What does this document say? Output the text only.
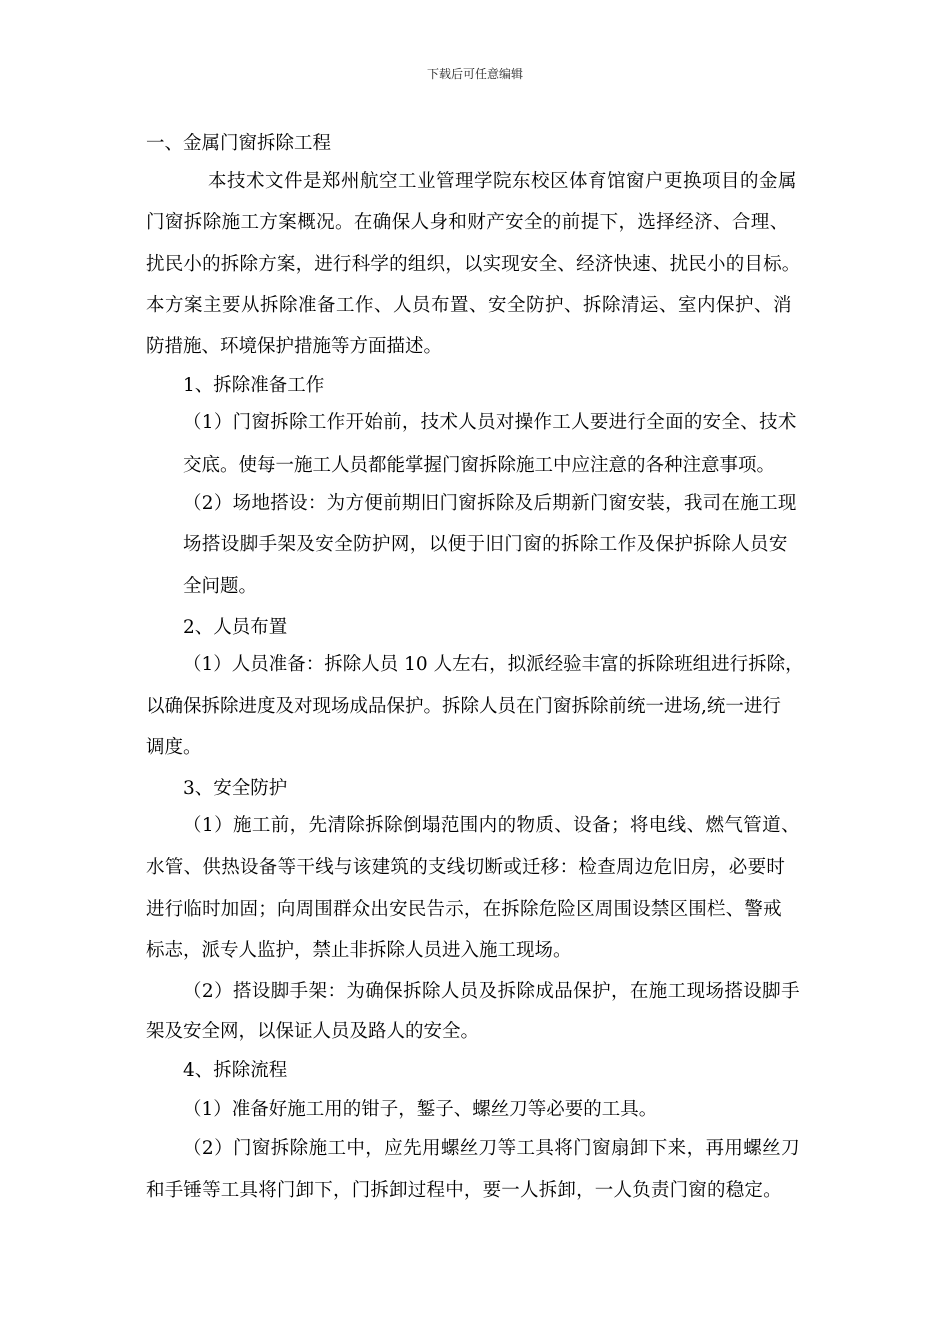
下载后可任意编辑
一、金属门窗拆除工程
本技术文件是郑州航空工业管理学院东校区体育馆窗户更换项目的金属
门窗拆除施工方案概况。在确保人身和财产安全的前提下，选择经济、合理、
扰民小的拆除方案，进行科学的组织，以实现安全、经济快速、扰民小的目标。
本方案主要从拆除准备工作、人员布置、安全防护、拆除清运、室内保护、消
防措施、环境保护措施等方面描述。
1、拆除准备工作
（1）门窗拆除工作开始前，技术人员对操作工人要进行全面的安全、技术
交底。使每一施工人员都能掌握门窗拆除施工中应注意的各种注意事项。
（2）场地搭设：为方便前期旧门窗拆除及后期新门窗安装，我司在施工现
场搭设脚手架及安全防护网，以便于旧门窗的拆除工作及保护拆除人员安
全问题。
2、人员布置
（1）人员准备：拆除人员 10 人左右，拟派经验丰富的拆除班组进行拆除，
以确保拆除进度及对现场成品保护。拆除人员在门窗拆除前统一进场,统一进行
调度。
3、安全防护
（1）施工前，先清除拆除倒塌范围内的物质、设备；将电线、燃气管道、
水管、供热设备等干线与该建筑的支线切断或迁移：检查周边危旧房，必要时
进行临时加固；向周围群众出安民告示，在拆除危险区周围设禁区围栏、警戒
标志，派专人监护，禁止非拆除人员进入施工现场。
（2）搭设脚手架：为确保拆除人员及拆除成品保护，在施工现场搭设脚手
架及安全网，以保证人员及路人的安全。
4、拆除流程
（1）准备好施工用的钳子，錾子、螺丝刀等必要的工具。
（2）门窗拆除施工中，应先用螺丝刀等工具将门窗扇卸下来，再用螺丝刀
和手锤等工具将门卸下，门拆卸过程中，要一人拆卸，一人负责门窗的稳定。
